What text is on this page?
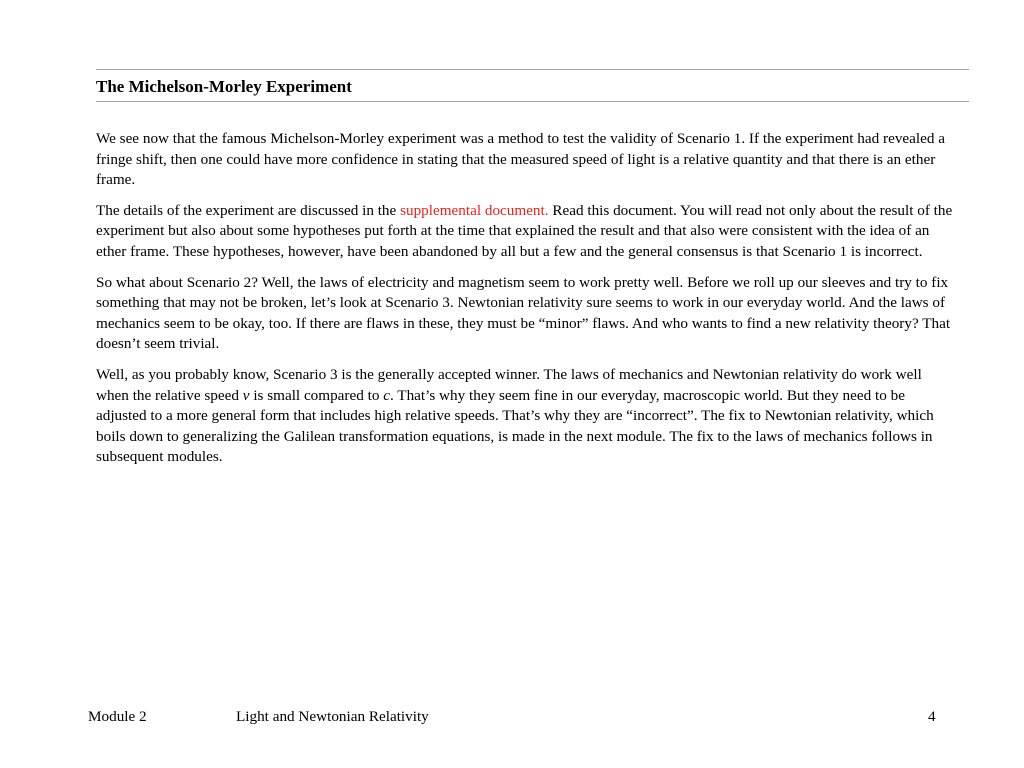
The Michelson-Morley Experiment

We see now that the famous Michelson-Morley experiment was a method to test the validity of Scenario 1. If the experiment had revealed a fringe shift, then one could have more confidence in stating that the measured speed of light is a relative quantity and that there is an ether frame.

The details of the experiment are discussed in the supplemental document. Read this document. You will read not only about the result of the experiment but also about some hypotheses put forth at the time that explained the result and that also were consistent with the idea of an ether frame. These hypotheses, however, have been abandoned by all but a few and the general consensus is that Scenario 1 is incorrect.

So what about Scenario 2? Well, the laws of electricity and magnetism seem to work pretty well. Before we roll up our sleeves and try to fix something that may not be broken, let’s look at Scenario 3. Newtonian relativity sure seems to work in our everyday world. And the laws of mechanics seem to be okay, too. If there are flaws in these, they must be “minor” flaws. And who wants to find a new relativity theory? That doesn’t seem trivial.

Well, as you probably know, Scenario 3 is the generally accepted winner. The laws of mechanics and Newtonian relativity do work well when the relative speed v is small compared to c. That’s why they seem fine in our everyday, macroscopic world. But they need to be adjusted to a more general form that includes high relative speeds. That’s why they are “incorrect”. The fix to Newtonian relativity, which boils down to generalizing the Galilean transformation equations, is made in the next module. The fix to the laws of mechanics follows in subsequent modules.

Module 2	Light and Newtonian Relativity	4
